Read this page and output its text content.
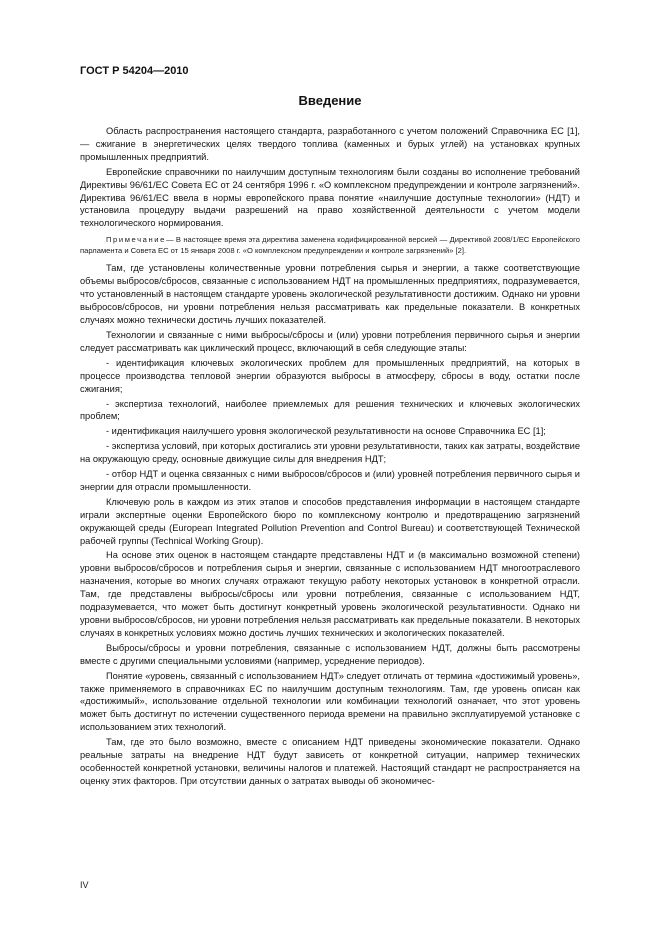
ГОСТ Р 54204—2010
Введение

Область распространения настоящего стандарта, разработанного с учетом положений Справочника ЕС [1], — сжигание в энергетических целях твердого топлива (каменных и бурых углей) на установках крупных промышленных предприятий.

Европейские справочники по наилучшим доступным технологиям были созданы во исполнение требований Директивы 96/61/ЕС Совета ЕС от 24 сентября 1996 г. «О комплексном предупреждении и контроле загрязнений». Директива 96/61/ЕС ввела в нормы европейского права понятие «наилучшие доступные технологии» (НДТ) и установила процедуру выдачи разрешений на право хозяйственной деятельности с учетом модели технологического нормирования.

Примечание— В настоящее время эта директива заменена кодифицированной версией — Директивой 2008/1/ЕС Европейского парламента и Совета ЕС от 15 января 2008 г. «О комплексном предупреждении и контроле загрязнений» [2].

Там, где установлены количественные уровни потребления сырья и энергии, а также соответствующие объемы выбросов/сбросов, связанные с использованием НДТ на промышленных предприятиях, подразумевается, что установленный в настоящем стандарте уровень экологической результативности достижим. Однако ни уровни выбросов/сбросов, ни уровни потребления нельзя рассматривать как предельные показатели. В конкретных случаях можно технически достичь лучших показателей.

Технологии и связанные с ними выбросы/сбросы и (или) уровни потребления первичного сырья и энергии следует рассматривать как циклический процесс, включающий в себя следующие этапы:

- идентификация ключевых экологических проблем для промышленных предприятий, на которых в процессе производства тепловой энергии образуются выбросы в атмосферу, сбросы в воду, остатки после сжигания;

- экспертиза технологий, наиболее приемлемых для решения технических и ключевых экологических проблем;

- идентификация наилучшего уровня экологической результативности на основе Справочника ЕС [1];

- экспертиза условий, при которых достигались эти уровни результативности, таких как затраты, воздействие на окружающую среду, основные движущие силы для внедрения НДТ;

- отбор НДТ и оценка связанных с ними выбросов/сбросов и (или) уровней потребления первичного сырья и энергии для отрасли промышленности.

Ключевую роль в каждом из этих этапов и способов представления информации в настоящем стандарте играли экспертные оценки Европейского бюро по комплексному контролю и предотвращению загрязнений окружающей среды (European Integrated Pollution Prevention and Control Bureau) и соответствующей Технической рабочей группы (Technical Working Group).

На основе этих оценок в настоящем стандарте представлены НДТ и (в максимально возможной степени) уровни выбросов/сбросов и потребления сырья и энергии, связанные с использованием НДТ многоотраслевого назначения, которые во многих случаях отражают текущую работу некоторых установок в конкретной отрасли. Там, где представлены выбросы/сбросы или уровни потребления, связанные с использованием НДТ, подразумевается, что может быть достигнут конкретный уровень экологической результативности. Однако ни уровни выбросов/сбросов, ни уровни потребления нельзя рассматривать как предельные показатели. В некоторых случаях в конкретных условиях можно достичь лучших технических и экологических показателей.

Выбросы/сбросы и уровни потребления, связанные с использованием НДТ, должны быть рассмотрены вместе с другими специальными условиями (например, усреднение периодов).

Понятие «уровень, связанный с использованием НДТ» следует отличать от термина «достижимый уровень», также применяемого в справочниках ЕС по наилучшим доступным технологиям. Там, где уровень описан как «достижимый», использование отдельной технологии или комбинации технологий означает, что этот уровень может быть достигнут по истечении существенного периода времени на правильно эксплуатируемой установке с использованием этих технологий.

Там, где это было возможно, вместе с описанием НДТ приведены экономические показатели. Однако реальные затраты на внедрение НДТ будут зависеть от конкретной ситуации, например технических особенностей конкретной установки, величины налогов и платежей. Настоящий стандарт не распространяется на оценку этих факторов. При отсутствии данных о затратах выводы об экономичес-

IV
